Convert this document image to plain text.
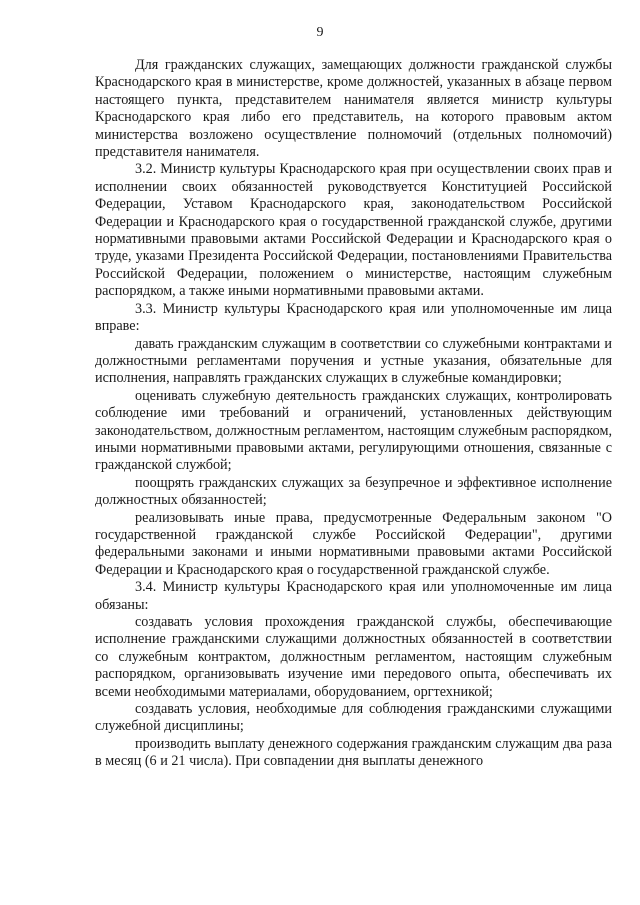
9

Для гражданских служащих, замещающих должности гражданской службы Краснодарского края в министерстве, кроме должностей, указанных в абзаце первом настоящего пункта, представителем нанимателя является министр культуры Краснодарского края либо его представитель, на которого правовым актом министерства возложено осуществление полномочий (отдельных полномочий) представителя нанимателя.

3.2. Министр культуры Краснодарского края при осуществлении своих прав и исполнении своих обязанностей руководствуется Конституцией Российской Федерации, Уставом Краснодарского края, законодательством Российской Федерации и Краснодарского края о государственной гражданской службе, другими нормативными правовыми актами Российской Федерации и Краснодарского края о труде, указами Президента Российской Федерации, постановлениями Правительства Российской Федерации, положением о министерстве, настоящим служебным распорядком, а также иными нормативными правовыми актами.

3.3. Министр культуры Краснодарского края или уполномоченные им лица вправе:

давать гражданским служащим в соответствии со служебными контрактами и должностными регламентами поручения и устные указания, обязательные для исполнения, направлять гражданских служащих в служебные командировки;

оценивать служебную деятельность гражданских служащих, контролировать соблюдение ими требований и ограничений, установленных действующим законодательством, должностным регламентом, настоящим служебным распорядком, иными нормативными правовыми актами, регулирующими отношения, связанные с гражданской службой;

поощрять гражданских служащих за безупречное и эффективное исполнение должностных обязанностей;

реализовывать иные права, предусмотренные Федеральным законом "О государственной гражданской службе Российской Федерации", другими федеральными законами и иными нормативными правовыми актами Российской Федерации и Краснодарского края о государственной гражданской службе.

3.4. Министр культуры Краснодарского края или уполномоченные им лица обязаны:

создавать условия прохождения гражданской службы, обеспечивающие исполнение гражданскими служащими должностных обязанностей в соответствии со служебным контрактом, должностным регламентом, настоящим служебным распорядком, организовывать изучение ими передового опыта, обеспечивать их всеми необходимыми материалами, оборудованием, оргтехникой;

создавать условия, необходимые для соблюдения гражданскими служащими служебной дисциплины;

производить выплату денежного содержания гражданским служащим два раза в месяц (6 и 21 числа). При совпадении дня выплаты денежного
